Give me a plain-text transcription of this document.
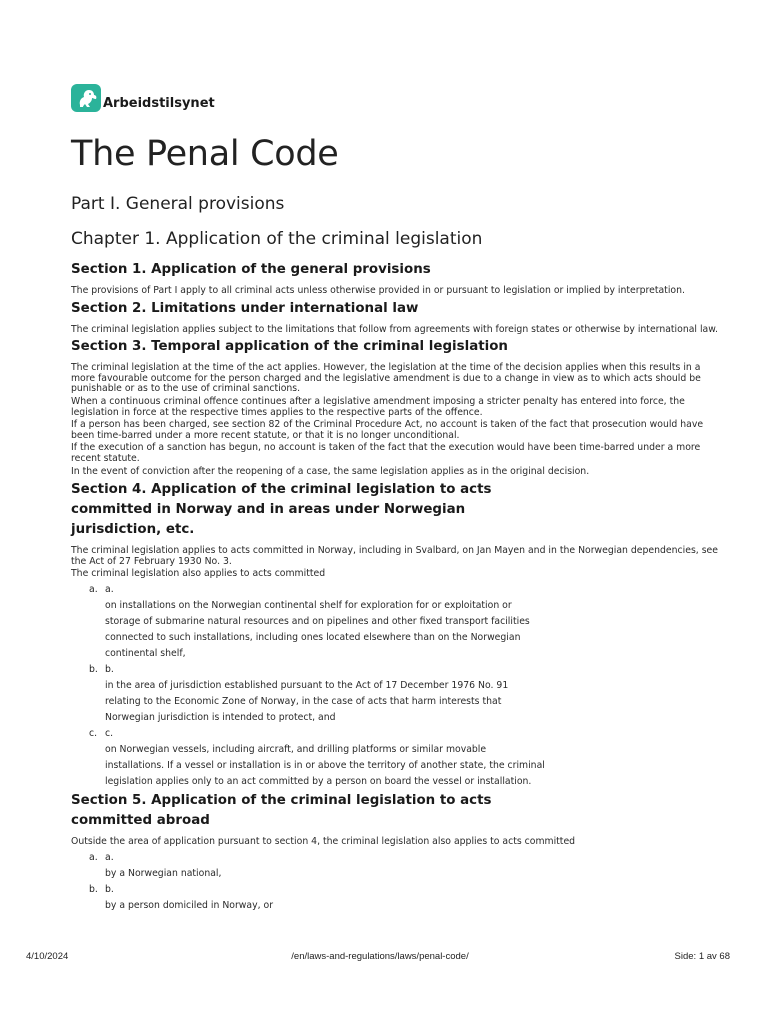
Arbeidstilsynet
The Penal Code
Part I. General provisions
Chapter 1. Application of the criminal legislation
Section 1. Application of the general provisions
The provisions of Part I apply to all criminal acts unless otherwise provided in or pursuant to legislation or implied by interpretation.
Section 2. Limitations under international law
The criminal legislation applies subject to the limitations that follow from agreements with foreign states or otherwise by international law.
Section 3. Temporal application of the criminal legislation
The criminal legislation at the time of the act applies. However, the legislation at the time of the decision applies when this results in a more favourable outcome for the person charged and the legislative amendment is due to a change in view as to which acts should be punishable or as to the use of criminal sanctions.
When a continuous criminal offence continues after a legislative amendment imposing a stricter penalty has entered into force, the legislation in force at the respective times applies to the respective parts of the offence.
If a person has been charged, see section 82 of the Criminal Procedure Act, no account is taken of the fact that prosecution would have been time-barred under a more recent statute, or that it is no longer unconditional.
If the execution of a sanction has begun, no account is taken of the fact that the execution would have been time-barred under a more recent statute.
In the event of conviction after the reopening of a case, the same legislation applies as in the original decision.
Section 4. Application of the criminal legislation to acts committed in Norway and in areas under Norwegian jurisdiction, etc.
The criminal legislation applies to acts committed in Norway, including in Svalbard, on Jan Mayen and in the Norwegian dependencies, see the Act of 27 February 1930 No. 3.
The criminal legislation also applies to acts committed
a. a.
on installations on the Norwegian continental shelf for exploration for or exploitation or storage of submarine natural resources and on pipelines and other fixed transport facilities connected to such installations, including ones located elsewhere than on the Norwegian continental shelf,
b. b.
in the area of jurisdiction established pursuant to the Act of 17 December 1976 No. 91 relating to the Economic Zone of Norway, in the case of acts that harm interests that Norwegian jurisdiction is intended to protect, and
c. c.
on Norwegian vessels, including aircraft, and drilling platforms or similar movable installations. If a vessel or installation is in or above the territory of another state, the criminal legislation applies only to an act committed by a person on board the vessel or installation.
Section 5. Application of the criminal legislation to acts committed abroad
Outside the area of application pursuant to section 4, the criminal legislation also applies to acts committed
a. a.
by a Norwegian national,
b. b.
by a person domiciled in Norway, or
4/10/2024	/en/laws-and-regulations/laws/penal-code/	Side: 1 av 68
